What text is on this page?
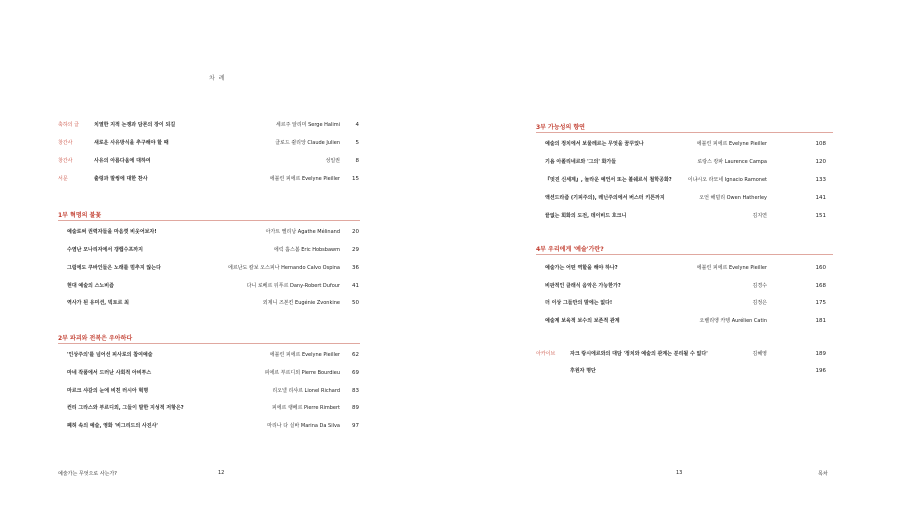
차 례
축하의 글	치열한 지적 논쟁과 담론의 장이 되길	세르주 알리미 Serge Halimi	4
창간사	새로운 사유방식을 추구해야 할 때	클로드 쥘리앙 Claude Julien	5
창간사	사유의 아름다움에 대하여	성일권	8
서문	출렁과 말썽에 대한 찬사	에블린 피에르 Evelyne Pieiller 15
1부 혁명의 불꽃
예술로써 권력자들을 마음껏 비웃어보자!	아가트 멜리낭 Agathe Mélinand 20
수염난 모나리자에서 갱랩수프까지	에릭 홉스봄 Eric Hobsbawm 29
그럼에도 쿠바인들은 노래를 멈추지 않는다	에르난도 칼보 오스피나 Hernando Calvo Ospina 36
현대 예술의 스노비즘	다니 로베르 뒤푸르 Dany-Robert Dufour 41
역사가 된 유미션, 빅토르 최	외제니 즈본킨 Eugénie Zvonkine 50
2부 파괴와 전복은 우아하다
'인상주의'를 넘어선 피사로의 참여예술	에블린 피에르 Evelyne Pieiller 62
마네 작품에서 드러난 사회적 아비투스	피에르 부르디외 Pierre Bourdieu 69
마르크 샤갈의 눈에 비친 러시아 혁명	리오넬 리샤르 Lionel Richard 83
컨티 그라스와 부르디외, 그들이 말한 지성적 저항은?	피에르 랭베르 Pierre Rimbert 89
폐허 속의 예술, 영화 '비그리드의 사진사'	마리나 다 실바 Marina Da Silva 97
예술가는 무엇으로 사는가?	12
3부 가능성의 향연
예술의 정치에서 보물레르는 무엇을 꿈꾸었나	에블린 피에르 Evelyne Pieiller	108
기욤 아폴리네르와 '그의' 화가들	로랑스 캉파 Laurence Campa	120
『멋진 신세계』, 놀라운 예언서 또는 볼쉐르식 철학공화?	이냐시오 라모네 Ignacio Ramonet	133
액션드라즘 (기피주의), 레닌주의에서 버스터 키튼까지	오언 해덜리 Owen Hatherley	141
끝없는 회화의 도전, 데이비드 호크니	김지연	151
4부 우리에게 '예술'가란?
예술가는 어떤 역할을 해야 하나?	에블린 피에르 Evelyne Pieiller	160
비판적인 클래식 음악은 가능한가?	김경수	168
더 이상 그들만의 말에는 없다!	김정은	175
예술계 보육적 보수의 보존적 관계	오렐리엥 카텡 Aurélien Catin	181
아카이브	자크 랑시에르와의 대담 '정치와 예술의 관계는 분리될 수 없다'	김혜영	189
후원자 명단	196
13	목차
